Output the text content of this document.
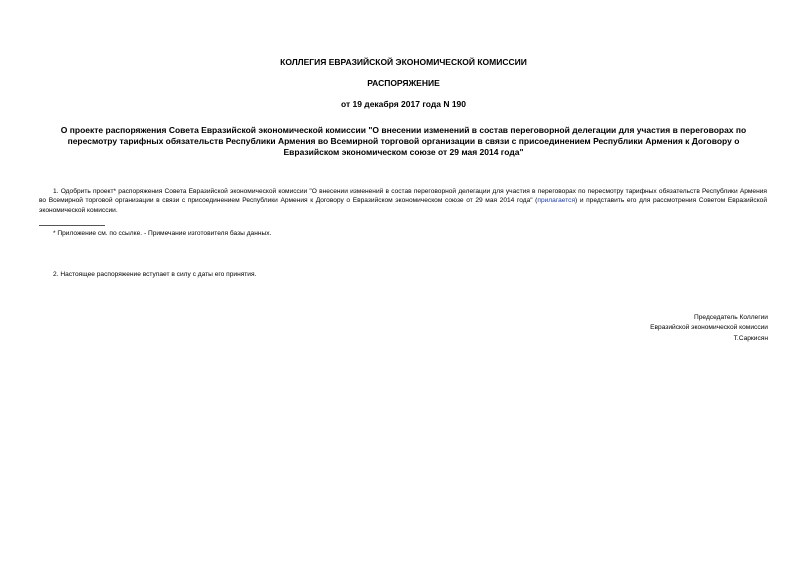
КОЛЛЕГИЯ ЕВРАЗИЙСКОЙ ЭКОНОМИЧЕСКОЙ КОМИССИИ
РАСПОРЯЖЕНИЕ
от 19 декабря 2017 года N 190
О проекте распоряжения Совета Евразийской экономической комиссии "О внесении изменений в состав переговорной делегации для участия в переговорах по пересмотру тарифных обязательств Республики Армения во Всемирной торговой организации в связи с присоединением Республики Армения к Договору о Евразийском экономическом союзе от 29 мая 2014 года"
1. Одобрить проект* распоряжения Совета Евразийской экономической комиссии "О внесении изменений в состав переговорной делегации для участия в переговорах по пересмотру тарифных обязательств Республики Армения во Всемирной торговой организации в связи с присоединением Республики Армения к Договору о Евразийском экономическом союзе от 29 мая 2014 года" (прилагается) и представить его для рассмотрения Советом Евразийской экономической комиссии.
* Приложение см. по ссылке. - Примечание изготовителя базы данных.
2. Настоящее распоряжение вступает в силу с даты его принятия.
Председатель Коллегии
Евразийской экономической комиссии
Т.Саркисян
